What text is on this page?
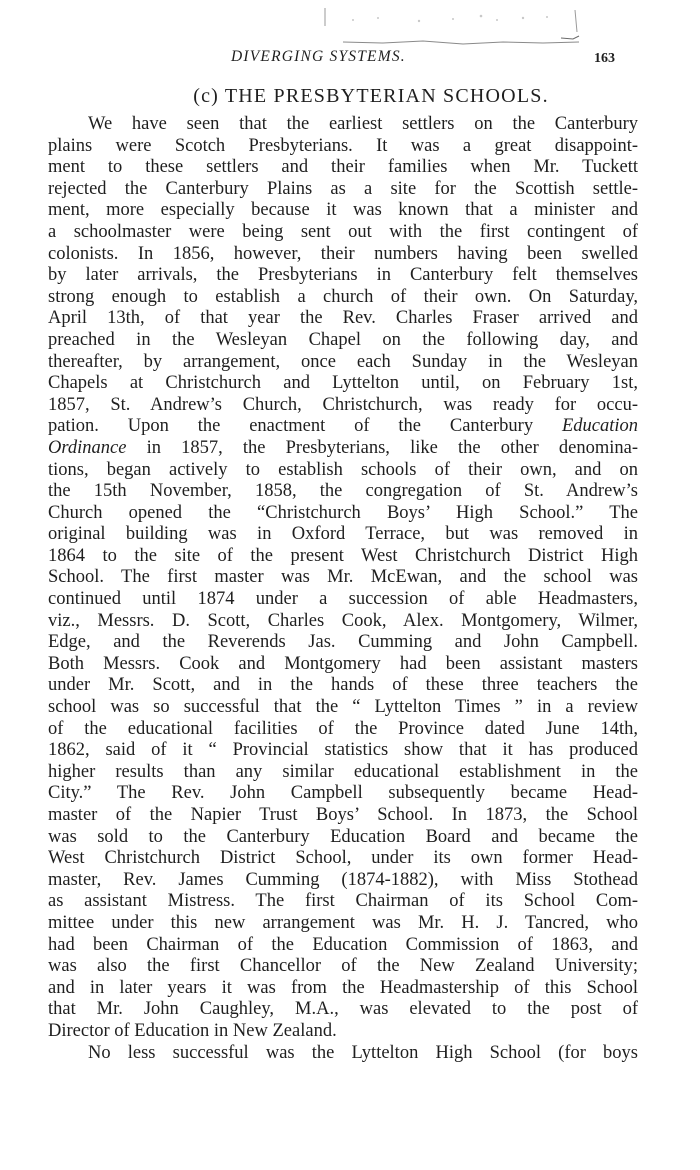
DIVERGING SYSTEMS.	163
(c) THE PRESBYTERIAN SCHOOLS.
We have seen that the earliest settlers on the Canterbury
plains were Scotch Presbyterians. It was a great disappoint-
ment to these settlers and their families when Mr. Tuckett
rejected the Canterbury Plains as a site for the Scottish settle-
ment, more especially because it was known that a minister and
a schoolmaster were being sent out with the first contingent of
colonists. In 1856, however, their numbers having been swelled
by later arrivals, the Presbyterians in Canterbury felt themselves
strong enough to establish a church of their own. On Saturday,
April 13th, of that year the Rev. Charles Fraser arrived and
preached in the Wesleyan Chapel on the following day, and
thereafter, by arrangement, once each Sunday in the Wesleyan
Chapels at Christchurch and Lyttelton until, on February 1st,
1857, St. Andrew’s Church, Christchurch, was ready for occu-
pation. Upon the enactment of the Canterbury Education
Ordinance in 1857, the Presbyterians, like the other denomina-
tions, began actively to establish schools of their own, and on
the 15th November, 1858, the congregation of St. Andrew’s
Church opened the “Christchurch Boys’ High School.” The
original building was in Oxford Terrace, but was removed in
1864 to the site of the present West Christchurch District High
School. The first master was Mr. McEwan, and the school was
continued until 1874 under a succession of able Headmasters,
viz., Messrs. D. Scott, Charles Cook, Alex. Montgomery, Wilmer,
Edge, and the Reverends Jas. Cumming and John Campbell.
Both Messrs. Cook and Montgomery had been assistant masters
under Mr. Scott, and in the hands of these three teachers the
school was so successful that the “ Lyttelton Times ” in a review
of the educational facilities of the Province dated June 14th,
1862, said of it “ Provincial statistics show that it has produced
higher results than any similar educational establishment in the
City.” The Rev. John Campbell subsequently became Head-
master of the Napier Trust Boys’ School. In 1873, the School
was sold to the Canterbury Education Board and became the
West Christchurch District School, under its own former Head-
master, Rev. James Cumming (1874-1882), with Miss Stothead
as assistant Mistress. The first Chairman of its School Com-
mittee under this new arrangement was Mr. H. J. Tancred, who
had been Chairman of the Education Commission of 1863, and
was also the first Chancellor of the New Zealand University;
and in later years it was from the Headmastership of this School
that Mr. John Caughley, M.A., was elevated to the post of
Director of Education in New Zealand.
No less successful was the Lyttelton High School (for boys
